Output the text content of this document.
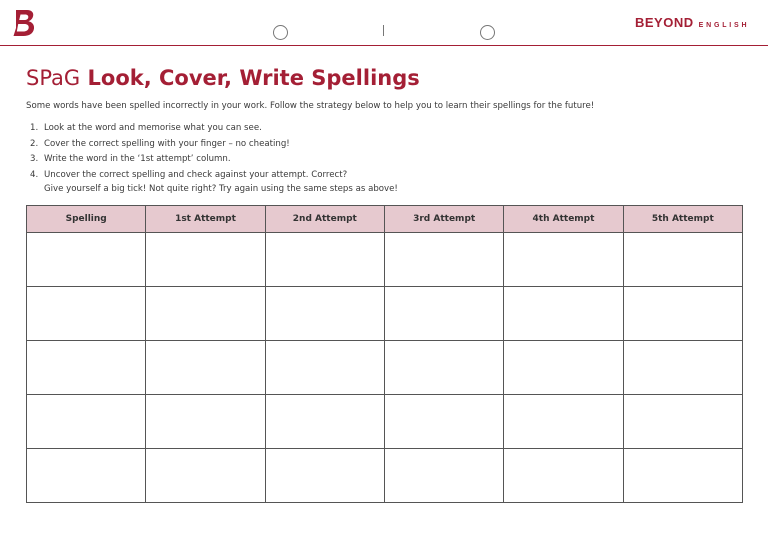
BEYOND ENGLISH
SPaG Look, Cover, Write Spellings

Some words have been spelled incorrectly in your work. Follow the strategy below to help you to learn their spellings for the future!

1. Look at the word and memorise what you can see.
2. Cover the correct spelling with your finger – no cheating!
3. Write the word in the ‘1st attempt’ column.
4. Uncover the correct spelling and check against your attempt. Correct?
Give yourself a big tick! Not quite right? Try again using the same steps as above!
Spelling	1st Attempt	2nd Attempt	3rd Attempt	4th Attempt	5th Attempt
